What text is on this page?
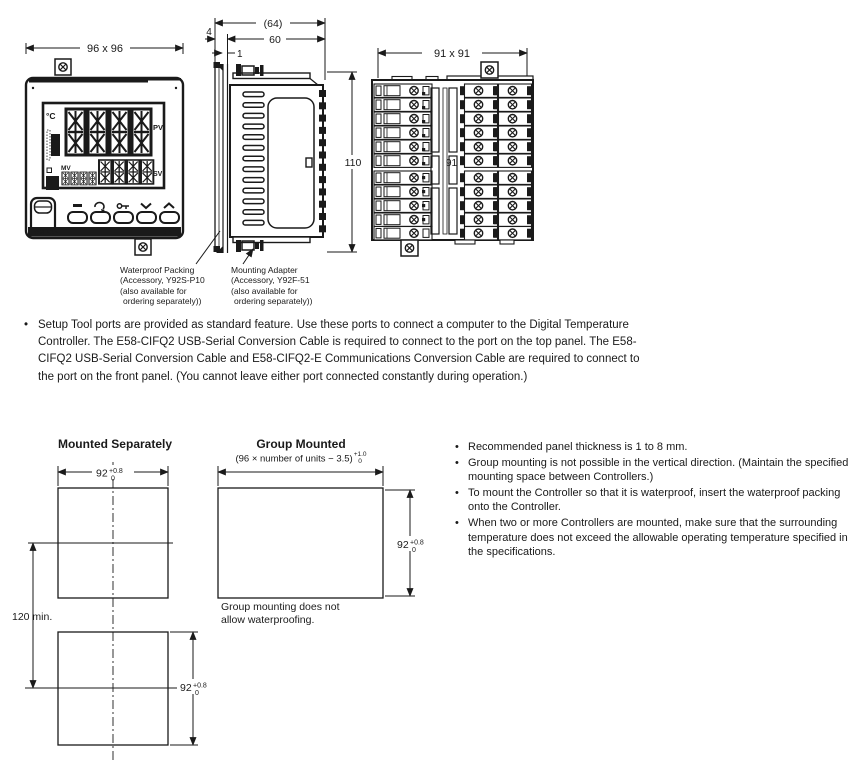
96 x 96
°C
PV
MV
SV
OMRON	E5AC
(64)
60
4
1
110
91 x 91
91
Waterproof Packing
(Accessory, Y92S-P10
(also available for
ordering separately))
Mounting Adapter
(Accessory, Y92F-51
(also available for
ordering separately))
• Setup Tool ports are provided as standard feature. Use these ports to connect a computer to the Digital Temperature Controller. The E58-CIFQ2 USB-Serial Conversion Cable is required to connect to the port on the top panel. The E58-CIFQ2 USB-Serial Conversion Cable and E58-CIFQ2-E Communications Conversion Cable are required to connect to the port on the front panel. (You cannot leave either port connected constantly during operation.)
Mounted Separately	Group Mounted
(96 × number of units − 3.5) +1.0
0
92 +0.8
0
120 min.
92 +0.8
0
92 +0.8
0
Group mounting does not
allow waterproofing.
• Recommended panel thickness is 1 to 8 mm.
• Group mounting is not possible in the vertical direction. (Maintain the specified mounting space between Controllers.)
• To mount the Controller so that it is waterproof, insert the waterproof packing onto the Controller.
• When two or more Controllers are mounted, make sure that the surrounding temperature does not exceed the allowable operating temperature specified in the specifications.
